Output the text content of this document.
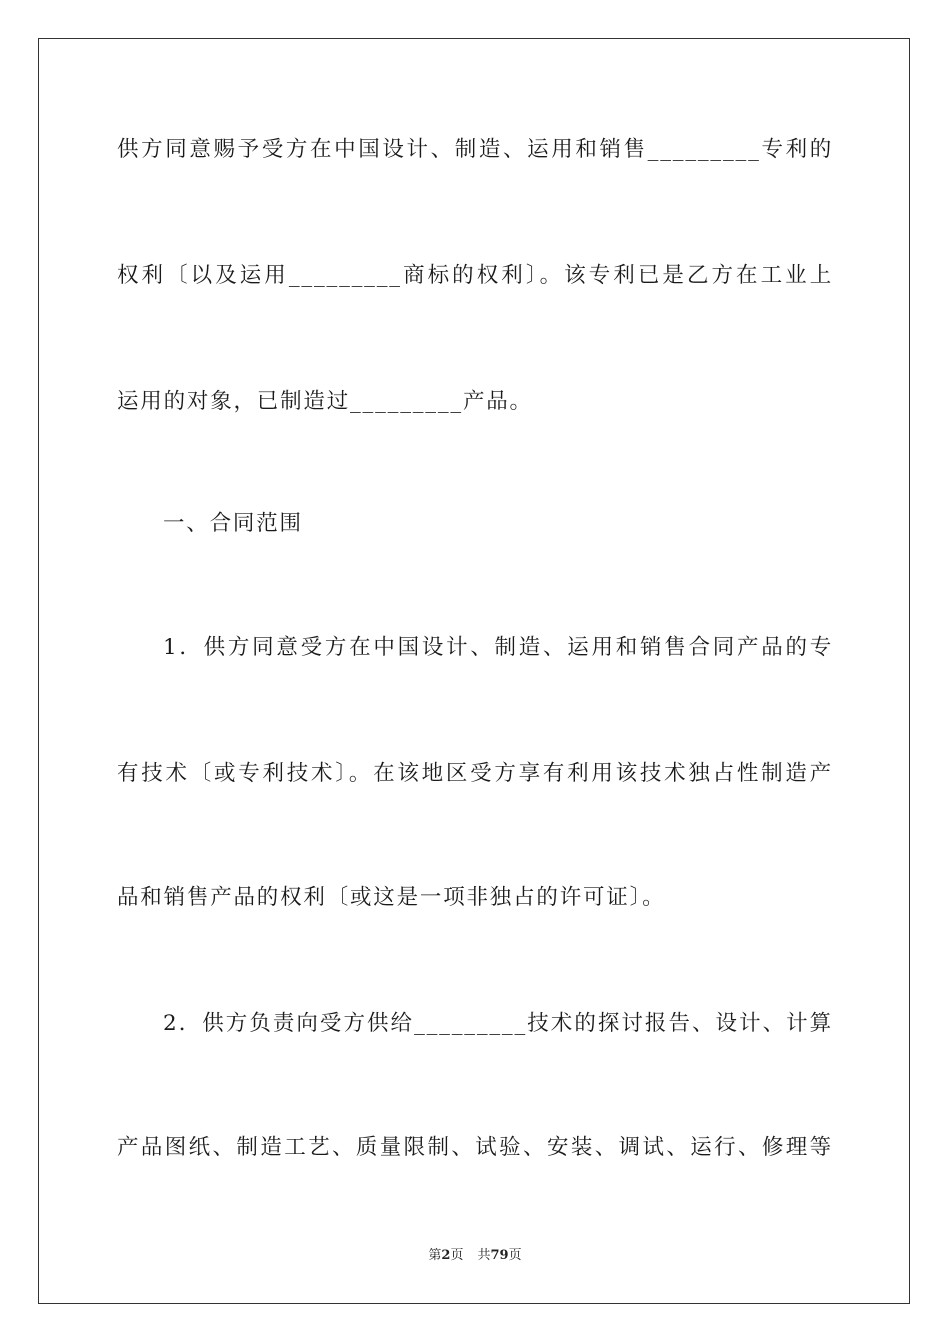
供方同意赐予受方在中国设计、制造、运用和销售_________专利的
权利〔以及运用_________商标的权利〕。该专利已是乙方在工业上
运用的对象，已制造过_________产品。
一、合同范围
1．供方同意受方在中国设计、制造、运用和销售合同产品的专
有技术〔或专利技术〕。在该地区受方享有利用该技术独占性制造产
品和销售产品的权利〔或这是一项非独占的许可证〕。
2．供方负责向受方供给_________技术的探讨报告、设计、计算
产品图纸、制造工艺、质量限制、试验、安装、调试、运行、修理等
第2页 共79页
